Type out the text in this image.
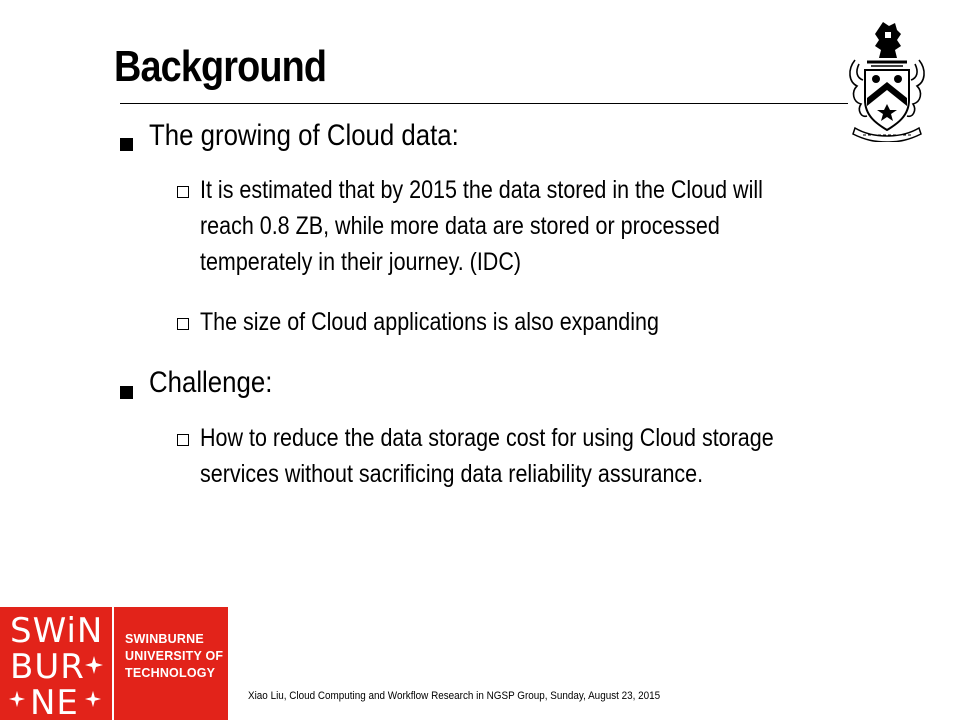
Background
The growing of Cloud data:
It is estimated that by 2015 the data stored in the Cloud will
reach 0.8 ZB, while more data are stored or processed
temperately in their journey. (IDC)
The size of Cloud applications is also expanding
Challenge:
How to reduce the data storage cost for using Cloud storage
services without sacrificing data reliability assurance.
SWiN
BUR
NE
SWINBURNE
UNIVERSITY OF
TECHNOLOGY
Xiao Liu, Cloud Computing and Workflow Research in NGSP Group, Sunday, August 23, 2015
